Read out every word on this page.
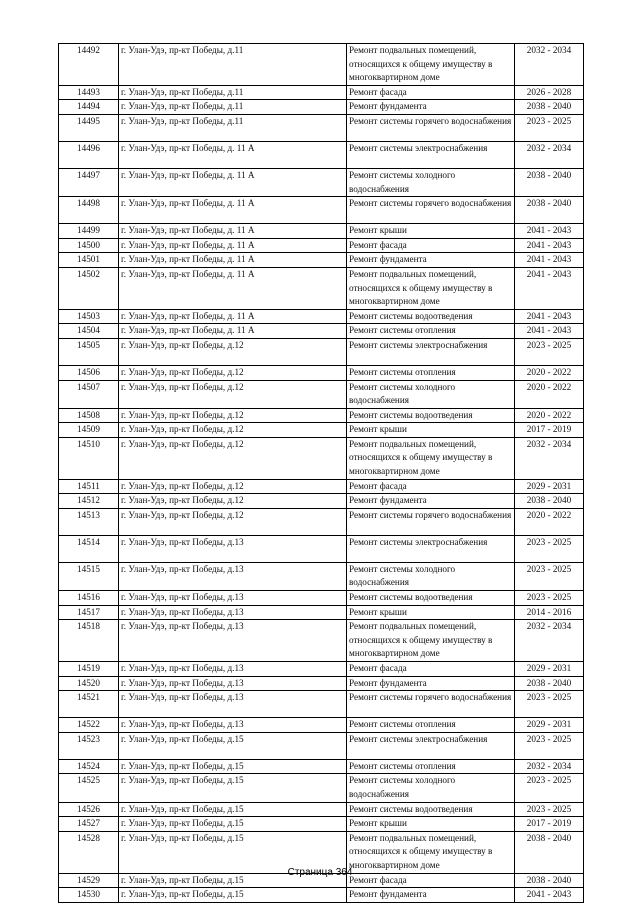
14492	г. Улан-Удэ, пр-кт Победы, д.11	Ремонт подвальных помещений, относящихся к общему имуществу в многоквартирном доме	2032 - 2034
14493	г. Улан-Удэ, пр-кт Победы, д.11	Ремонт фасада	2026 - 2028
14494	г. Улан-Удэ, пр-кт Победы, д.11	Ремонт фундамента	2038 - 2040
14495	г. Улан-Удэ, пр-кт Победы, д.11	Ремонт системы горячего водоснабжения	2023 - 2025
14496	г. Улан-Удэ, пр-кт Победы, д. 11 А	Ремонт системы электроснабжения	2032 - 2034
14497	г. Улан-Удэ, пр-кт Победы, д. 11 А	Ремонт системы холодного водоснабжения	2038 - 2040
14498	г. Улан-Удэ, пр-кт Победы, д. 11 А	Ремонт системы горячего водоснабжения	2038 - 2040
14499	г. Улан-Удэ, пр-кт Победы, д. 11 А	Ремонт крыши	2041 - 2043
14500	г. Улан-Удэ, пр-кт Победы, д. 11 А	Ремонт фасада	2041 - 2043
14501	г. Улан-Удэ, пр-кт Победы, д. 11 А	Ремонт фундамента	2041 - 2043
14502	г. Улан-Удэ, пр-кт Победы, д. 11 А	Ремонт подвальных помещений, относящихся к общему имуществу в многоквартирном доме	2041 - 2043
14503	г. Улан-Удэ, пр-кт Победы, д. 11 А	Ремонт системы водоотведения	2041 - 2043
14504	г. Улан-Удэ, пр-кт Победы, д. 11 А	Ремонт системы отопления	2041 - 2043
14505	г. Улан-Удэ, пр-кт Победы, д.12	Ремонт системы электроснабжения	2023 - 2025
14506	г. Улан-Удэ, пр-кт Победы, д.12	Ремонт системы отопления	2020 - 2022
14507	г. Улан-Удэ, пр-кт Победы, д.12	Ремонт системы холодного водоснабжения	2020 - 2022
14508	г. Улан-Удэ, пр-кт Победы, д.12	Ремонт системы водоотведения	2020 - 2022
14509	г. Улан-Удэ, пр-кт Победы, д.12	Ремонт крыши	2017 - 2019
14510	г. Улан-Удэ, пр-кт Победы, д.12	Ремонт подвальных помещений, относящихся к общему имуществу в многоквартирном доме	2032 - 2034
14511	г. Улан-Удэ, пр-кт Победы, д.12	Ремонт фасада	2029 - 2031
14512	г. Улан-Удэ, пр-кт Победы, д.12	Ремонт фундамента	2038 - 2040
14513	г. Улан-Удэ, пр-кт Победы, д.12	Ремонт системы горячего водоснабжения	2020 - 2022
14514	г. Улан-Удэ, пр-кт Победы, д.13	Ремонт системы электроснабжения	2023 - 2025
14515	г. Улан-Удэ, пр-кт Победы, д.13	Ремонт системы холодного водоснабжения	2023 - 2025
14516	г. Улан-Удэ, пр-кт Победы, д.13	Ремонт системы водоотведения	2023 - 2025
14517	г. Улан-Удэ, пр-кт Победы, д.13	Ремонт крыши	2014 - 2016
14518	г. Улан-Удэ, пр-кт Победы, д.13	Ремонт подвальных помещений, относящихся к общему имуществу в многоквартирном доме	2032 - 2034
14519	г. Улан-Удэ, пр-кт Победы, д.13	Ремонт фасада	2029 - 2031
14520	г. Улан-Удэ, пр-кт Победы, д.13	Ремонт фундамента	2038 - 2040
14521	г. Улан-Удэ, пр-кт Победы, д.13	Ремонт системы горячего водоснабжения	2023 - 2025
14522	г. Улан-Удэ, пр-кт Победы, д.13	Ремонт системы отопления	2029 - 2031
14523	г. Улан-Удэ, пр-кт Победы, д.15	Ремонт системы электроснабжения	2023 - 2025
14524	г. Улан-Удэ, пр-кт Победы, д.15	Ремонт системы отопления	2032 - 2034
14525	г. Улан-Удэ, пр-кт Победы, д.15	Ремонт системы холодного водоснабжения	2023 - 2025
14526	г. Улан-Удэ, пр-кт Победы, д.15	Ремонт системы водоотведения	2023 - 2025
14527	г. Улан-Удэ, пр-кт Победы, д.15	Ремонт крыши	2017 - 2019
14528	г. Улан-Удэ, пр-кт Победы, д.15	Ремонт подвальных помещений, относящихся к общему имуществу в многоквартирном доме	2038 - 2040
14529	г. Улан-Удэ, пр-кт Победы, д.15	Ремонт фасада	2038 - 2040
14530	г. Улан-Удэ, пр-кт Победы, д.15	Ремонт фундамента	2041 - 2043
Страница 364
